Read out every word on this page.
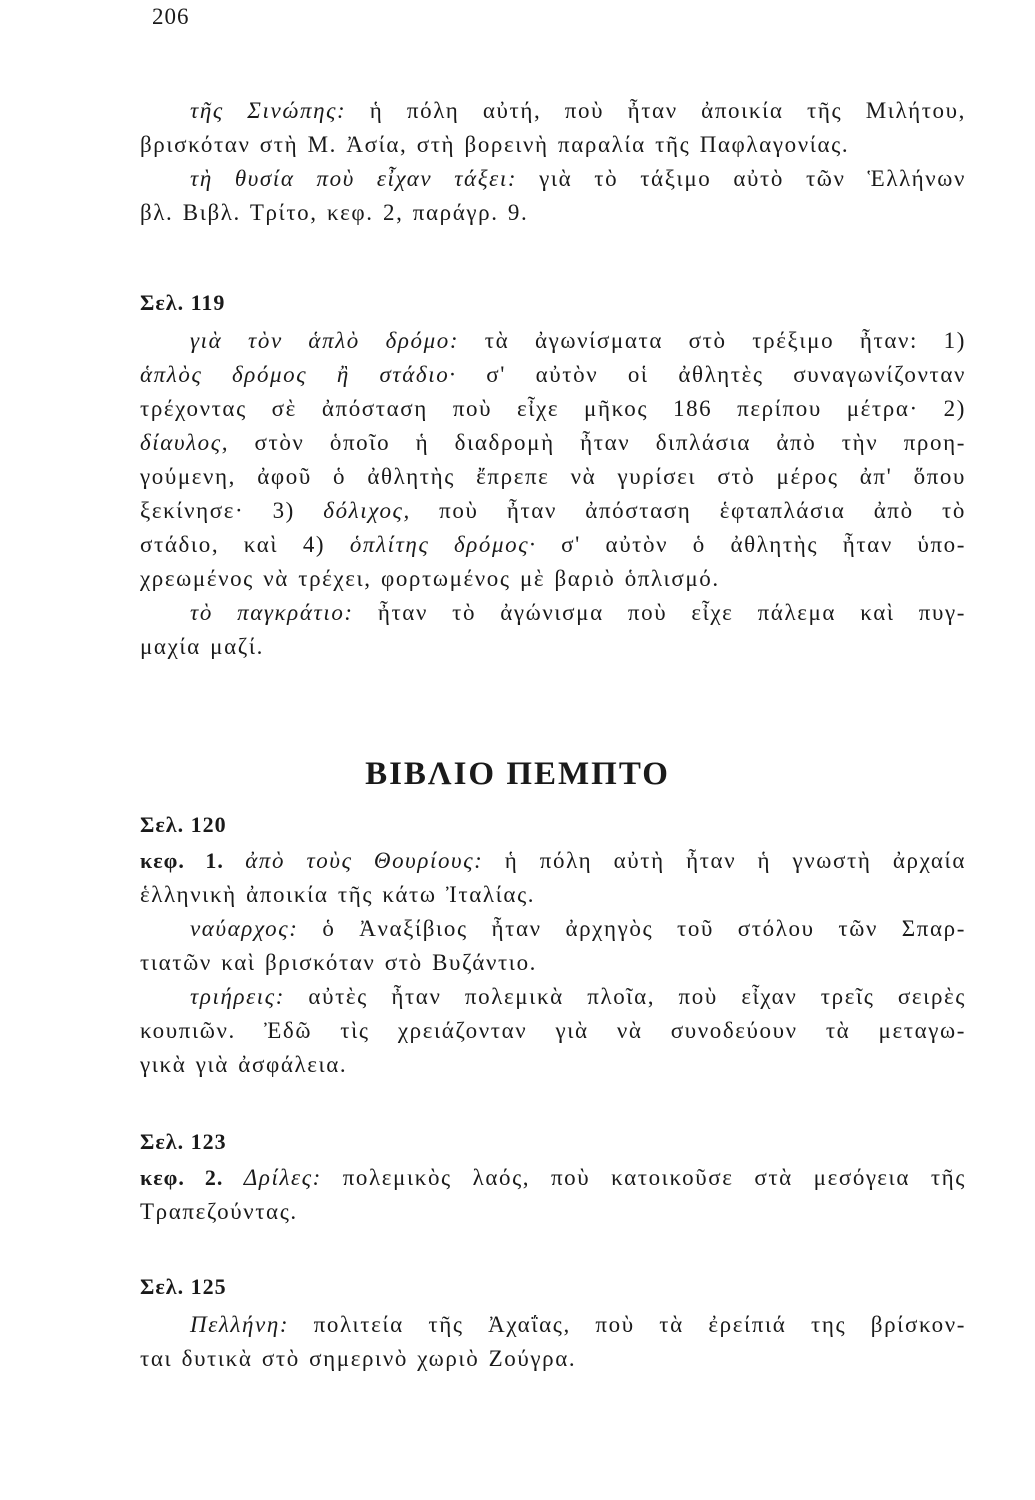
206
τῆς Σινώπης: ἡ πόλη αὐτή, ποὺ ἦταν ἀποικία τῆς Μιλήτου,
βρισκόταν στὴ Μ. Ἀσία, στὴ βορεινὴ παραλία τῆς Παφλαγονίας.
τὴ θυσία ποὺ εἶχαν τάξει: γιὰ τὸ τάξιμο αὐτὸ τῶν Ἑλλήνων
βλ. Βιβλ. Τρίτο, κεφ. 2, παράγρ. 9.
Σελ. 119
γιὰ τὸν ἁπλὸ δρόμο: τὰ ἀγωνίσματα στὸ τρέξιμο ἦταν: 1)
ἁπλὸς δρόμος ἢ στάδιο· σ' αὐτὸν οἱ ἀθλητὲς συναγωνίζονταν
τρέχοντας σὲ ἀπόσταση ποὺ εἶχε μῆκος 186 περίπου μέτρα· 2)
δίαυλος, στὸν ὁποῖο ἡ διαδρομὴ ἦταν διπλάσια ἀπὸ τὴν προη-
γούμενη, ἀφοῦ ὁ ἀθλητὴς ἔπρεπε νὰ γυρίσει στὸ μέρος ἀπ' ὅπου
ξεκίνησε· 3) δόλιχος, ποὺ ἦταν ἀπόσταση ἑφταπλάσια ἀπὸ τὸ
στάδιο, καὶ 4) ὁπλίτης δρόμος· σ' αὐτὸν ὁ ἀθλητὴς ἦταν ὑπο-
χρεωμένος νὰ τρέχει, φορτωμένος μὲ βαριὸ ὁπλισμό.
τὸ παγκράτιο: ἦταν τὸ ἀγώνισμα ποὺ εἶχε πάλεμα καὶ πυγ-
μαχία μαζί.
ΒΙΒΛΙΟ ΠΕΜΠΤΟ
Σελ. 120
κεφ. 1. ἀπὸ τοὺς Θουρίους: ἡ πόλη αὐτὴ ἦταν ἡ γνωστὴ ἀρχαία
ἑλληνικὴ ἀποικία τῆς κάτω Ἰταλίας.
ναύαρχος: ὁ Ἀναξίβιος ἦταν ἀρχηγὸς τοῦ στόλου τῶν Σπαρ-
τιατῶν καὶ βρισκόταν στὸ Βυζάντιο.
τριήρεις: αὐτὲς ἦταν πολεμικὰ πλοῖα, ποὺ εἶχαν τρεῖς σειρὲς
κουπιῶν. Ἐδῶ τὶς χρειάζονταν γιὰ νὰ συνοδεύουν τὰ μεταγω-
γικὰ γιὰ ἀσφάλεια.
Σελ. 123
κεφ. 2. Δρίλες: πολεμικὸς λαός, ποὺ κατοικοῦσε στὰ μεσόγεια τῆς
Τραπεζούντας.
Σελ. 125
Πελλήνη: πολιτεία τῆς Ἀχαΐας, ποὺ τὰ ἐρείπιά της βρίσκον-
ται δυτικὰ στὸ σημερινὸ χωριὸ Ζούγρα.
